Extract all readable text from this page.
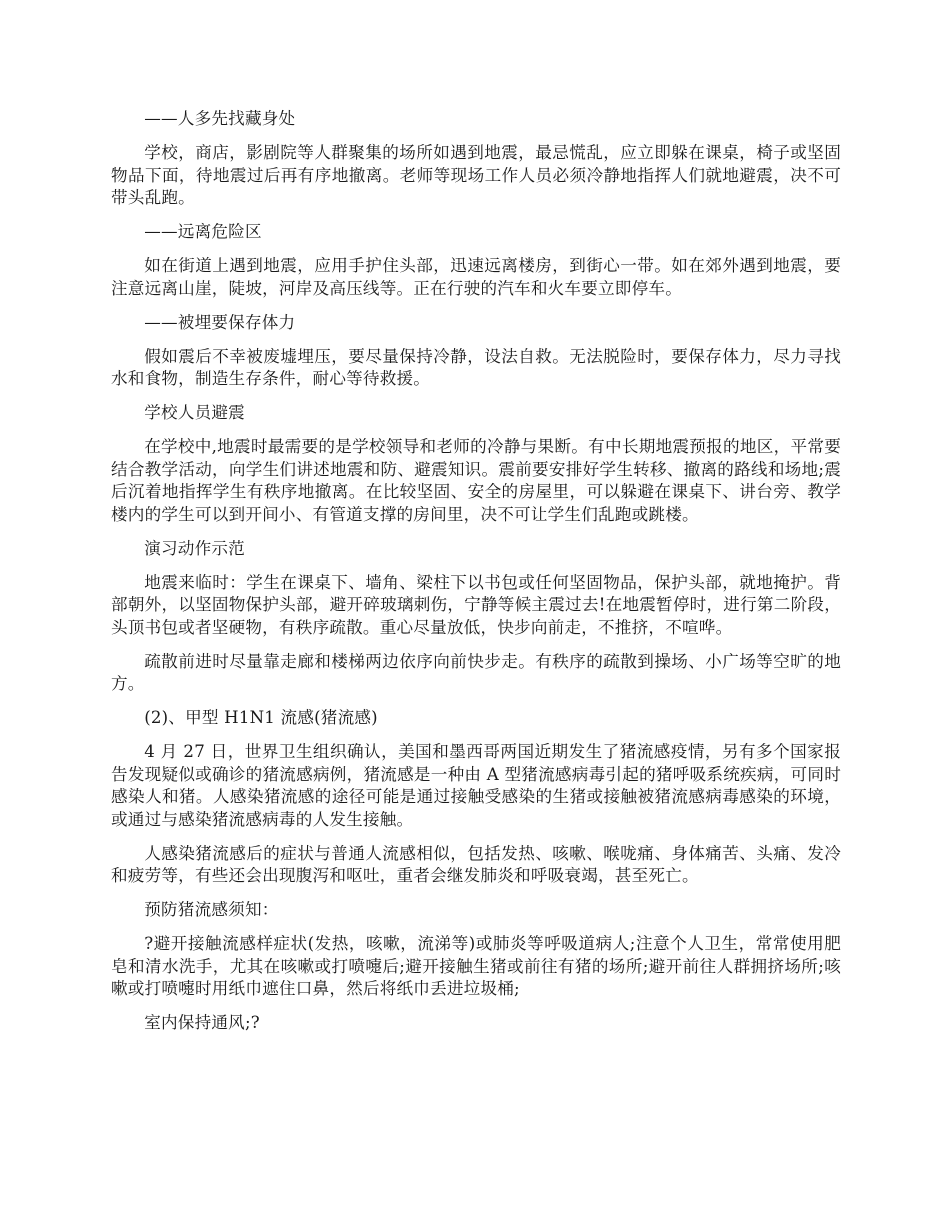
——人多先找藏身处

学校，商店，影剧院等人群聚集的场所如遇到地震，最忌慌乱，应立即躲在课桌，椅子或坚固物品下面，待地震过后再有序地撤离。老师等现场工作人员必须冷静地指挥人们就地避震，决不可带头乱跑。

——远离危险区

如在街道上遇到地震，应用手护住头部，迅速远离楼房，到街心一带。如在郊外遇到地震，要注意远离山崖，陡坡，河岸及高压线等。正在行驶的汽车和火车要立即停车。

——被埋要保存体力

假如震后不幸被废墟埋压，要尽量保持冷静，设法自救。无法脱险时，要保存体力，尽力寻找水和食物，制造生存条件，耐心等待救援。

学校人员避震

在学校中,地震时最需要的是学校领导和老师的冷静与果断。有中长期地震预报的地区，平常要结合教学活动，向学生们讲述地震和防、避震知识。震前要安排好学生转移、撤离的路线和场地;震后沉着地指挥学生有秩序地撤离。在比较坚固、安全的房屋里，可以躲避在课桌下、讲台旁、教学楼内的学生可以到开间小、有管道支撑的房间里，决不可让学生们乱跑或跳楼。

演习动作示范

地震来临时：学生在课桌下、墙角、梁柱下以书包或任何坚固物品，保护头部，就地掩护。背部朝外，以坚固物保护头部，避开碎玻璃刺伤，宁静等候主震过去!在地震暂停时，进行第二阶段，头顶书包或者坚硬物，有秩序疏散。重心尽量放低，快步向前走，不推挤，不喧哗。

疏散前进时尽量靠走廊和楼梯两边依序向前快步走。有秩序的疏散到操场、小广场等空旷的地方。

(2)、甲型 H1N1 流感(猪流感)

4 月 27 日，世界卫生组织确认，美国和墨西哥两国近期发生了猪流感疫情，另有多个国家报告发现疑似或确诊的猪流感病例，猪流感是一种由 A 型猪流感病毒引起的猪呼吸系统疾病，可同时感染人和猪。人感染猪流感的途径可能是通过接触受感染的生猪或接触被猪流感病毒感染的环境，或通过与感染猪流感病毒的人发生接触。

人感染猪流感后的症状与普通人流感相似，包括发热、咳嗽、喉咙痛、身体痛苦、头痛、发冷和疲劳等，有些还会出现腹泻和呕吐，重者会继发肺炎和呼吸衰竭，甚至死亡。

预防猪流感须知：

?避开接触流感样症状(发热，咳嗽，流涕等)或肺炎等呼吸道病人;注意个人卫生，常常使用肥皂和清水洗手，尤其在咳嗽或打喷嚏后;避开接触生猪或前往有猪的场所;避开前往人群拥挤场所;咳嗽或打喷嚏时用纸巾遮住口鼻，然后将纸巾丢进垃圾桶;

室内保持通风;?
